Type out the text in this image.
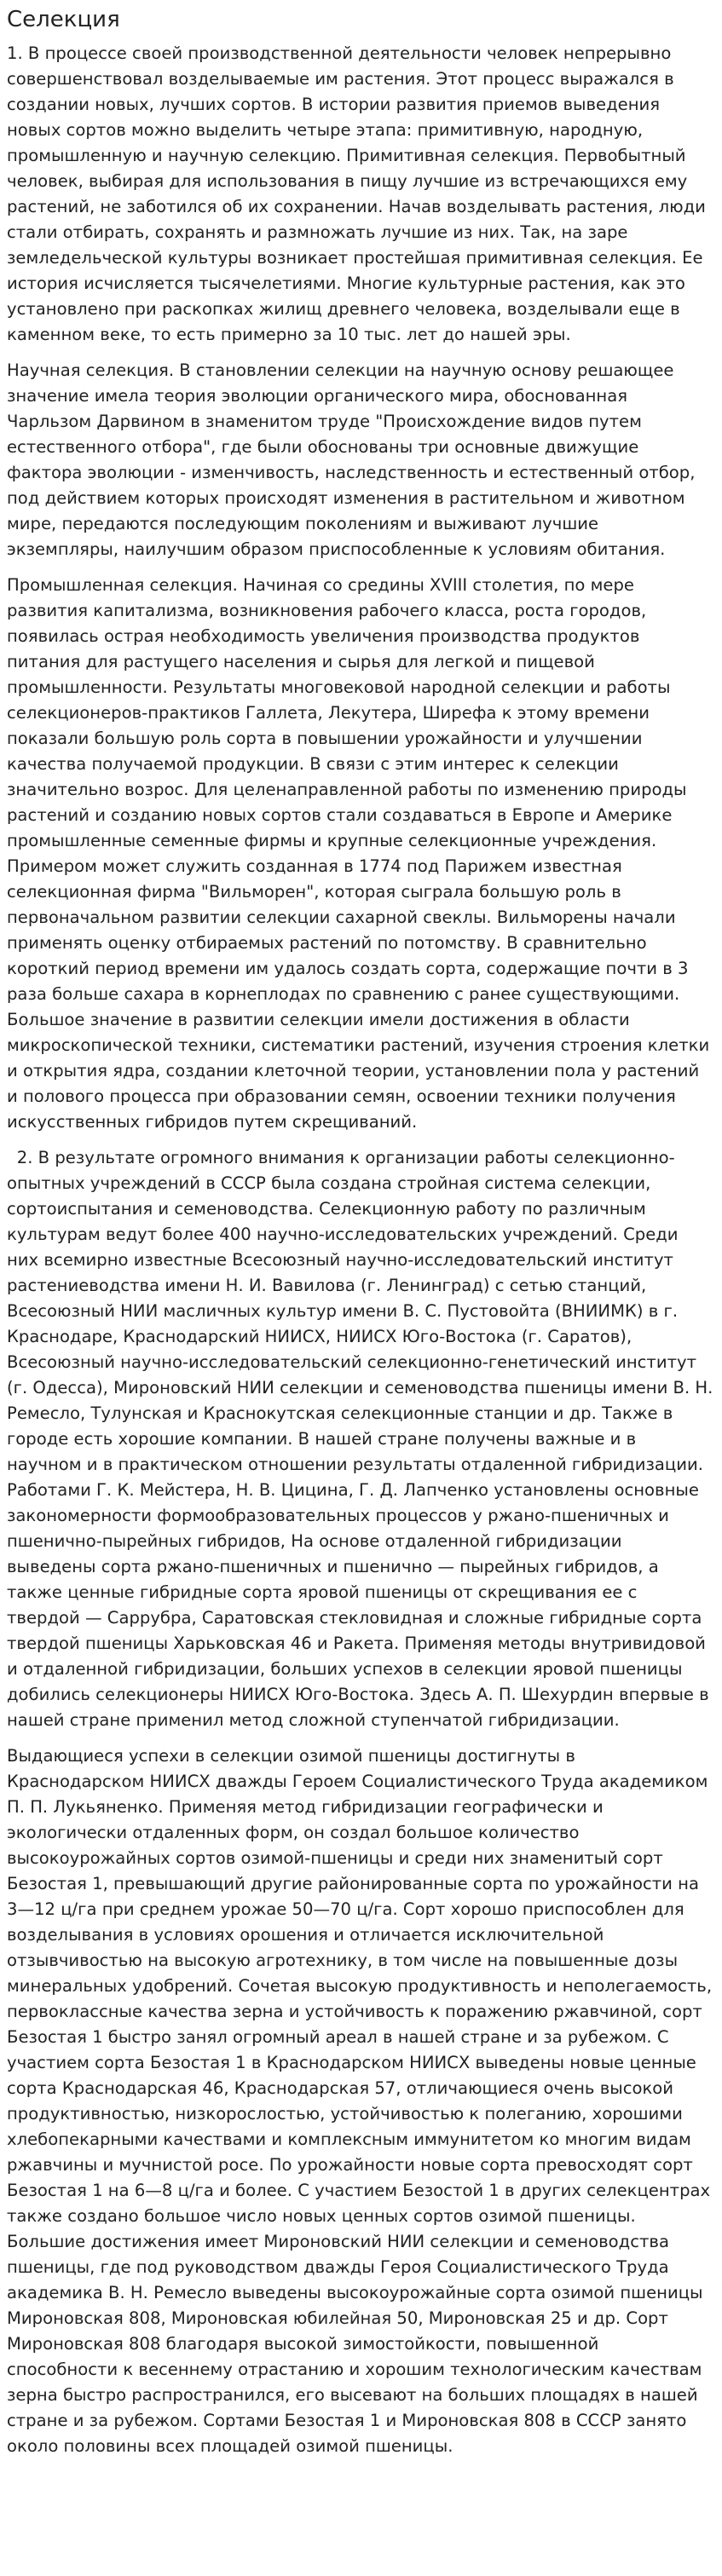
Селекция

1. В процессе своей производственной деятельности человек непрерывно совершенствовал возделываемые им растения. Этот процесс выражался в создании новых, лучших сортов. В истории развития приемов выведения новых сортов можно выделить четыре этапа: примитивную, народную, промышленную и научную селекцию. Примитивная селекция. Первобытный человек, выбирая для использования в пищу лучшие из встречающихся ему растений, не заботился об их сохранении. Начав возделывать растения, люди стали отбирать, сохранять и размножать лучшие из них. Так, на заре земледельческой культуры возникает простейшая примитивная селекция. Ее история исчисляется тысячелетиями. Многие культурные растения, как это установлено при раскопках жилищ древнего человека, возделывали еще в каменном веке, то есть примерно за 10 тыс. лет до нашей эры.

Научная селекция. В становлении селекции на научную основу решающее значение имела теория эволюции органического мира, обоснованная Чарльзом Дарвином в знаменитом труде "Происхождение видов путем естественного отбора", где были обоснованы три основные движущие факторa эволюции - изменчивость, наследственность и естественный отбор, под действием которых происходят изменения в растительном и животном мире, передаются последующим поколениям и выживают лучшие экземпляры, наилучшим образом приспособленные к условиям обитания.

Промышленная селекция. Начиная со средины XVIII столетия, по мере развития капитализма, возникновения рабочего класса, роста городов, появилась острая необходимость увеличения производства продуктов питания для растущего населения и сырья для легкой и пищевой промышленности. Результаты многовековой народной селекции и работы селекционеров-практиков Галлета, Лекутера, Ширефа к этому времени показали большую роль сорта в повышении урожайности и улучшении качества получаемой продукции. В связи с этим интерес к селекции значительно возрос. Для целенаправленной работы по изменению природы растений и созданию новых сортов стали создаваться в Европе и Америке промышленные семенные фирмы и крупные селекционные учреждения. Примером может служить созданная в 1774 под Парижем известная селекционная фирма "Вильморен", которая сыграла большую роль в первоначальном развитии селекции сахарной свеклы. Вильморены начали применять оценку отбираемых растений по потомству. В сравнительно короткий период времени им удалось создать сорта, содержащие почти в 3 раза больше сахара в корнеплодах по сравнению с ранее существующими. Большое значение в развитии селекции имели достижения в области микроскопической техники, систематики растений, изучения строения клетки и открытия ядра, создании клеточной теории, установлении пола у растений и полового процесса при образовании семян, освоении техники получения искусственных гибридов путем скрещиваний.

2. В результате огромного внимания к организации работы селекционно-опытных учреждений в СССР была создана стройная система селекции, сортоиспытания и семеноводства. Селекционную работу по различным культурам ведут более 400 научно-исследовательских учреждений. Среди них всемирно известные Всесоюзный научно-исследовательский институт растениеводства имени Н. И. Вавилова (г. Ленинград) с сетью станций, Всесоюзный НИИ масличных культур имени В. С. Пустовойта (ВНИИМК) в г. Краснодаре, Краснодарский НИИСХ, НИИСХ Юго-Востока (г. Саратов), Всесоюзный научно-исследовательский селекционно-генетический институт (г. Одесса), Мироновский НИИ селекции и семеноводства пшеницы имени В. Н. Ремесло, Тулунская и Краснокутская селекционные станции и др. Также в городе есть хорошие компании. В нашей стране получены важные и в научном и в практическом отношении результаты отдаленной гибридизации. Работами Г. К. Мейстера, Н. В. Цицина, Г. Д. Лапченко установлены основные закономерности формообразовательных процессов у ржано-пшеничных и пшенично-пырейных гибридов, На основе отдаленной гибридизации выведены сорта ржано-пшеничных и пшенично — пырейных гибридов, а также ценные гибридные сорта яровой пшеницы от скрещивания ее с твердой — Саррубра, Саратовская стекловидная и сложные гибридные сорта твердой пшеницы Харьковская 46 и Ракета. Применяя методы внутривидовой и отдаленной гибридизации, больших успехов в селекции яровой пшеницы добились селекционеры НИИСХ Юго-Востока. Здесь А. П. Шехурдин впервые в нашей стране применил метод сложной ступенчатой гибридизации.

Выдающиеся успехи в селекции озимой пшеницы достигнуты в Краснодарском НИИСХ дважды Героем Социалистического Труда академиком П. П. Лукьяненко. Применяя метод гибридизации географически и экологически отдаленных форм, он создал большое количество высокоурожайных сортов озимой-пшеницы и среди них знаменитый сорт Безостая 1, превышающий другие районированные сорта по урожайности на 3—12 ц/га при среднем урожае 50—70 ц/га. Сорт хорошо приспособлен для возделывания в условиях орошения и отличается исключительной отзывчивостью на высокую агротехнику, в том числе на повышенные дозы минеральных удобрений. Сочетая высокую продуктивность и неполегаемость, первоклассные качества зерна и устойчивость к поражению ржавчиной, сорт Безостая 1 быстро занял огромный ареал в нашей стране и за рубежом. С участием сорта Безостая 1 в Краснодарском НИИСХ выведены новые ценные сорта Краснодарская 46, Краснодарская 57, отличающиеся очень высокой продуктивностью, низкорослостью, устойчивостью к полеганию, хорошими хлебопекарными качествами и комплексным иммунитетом ко многим видам ржавчины и мучнистой росе. По урожайности новые сорта превосходят сорт Безостая 1 на 6—8 ц/га и более. С участием Безостой 1 в других селекцентрах также создано большое число новых ценных сортов озимой пшеницы. Большие достижения имеет Мироновский НИИ селекции и семеноводства пшеницы, где под руководством дважды Героя Социалистического Труда академика В. Н. Ремесло выведены высокоурожайные сорта озимой пшеницы Мироновская 808, Мироновская юбилейная 50, Мироновская 25 и др. Сорт Мироновская 808 благодаря высокой зимостойкости, повышенной способности к весеннему отрастанию и хорошим технологическим качествам зерна быстро распространился, его высевают на больших площадях в нашей стране и за рубежом. Сортами Безостая 1 и Мироновская 808 в СССР занято около половины всех площадей озимой пшеницы.
